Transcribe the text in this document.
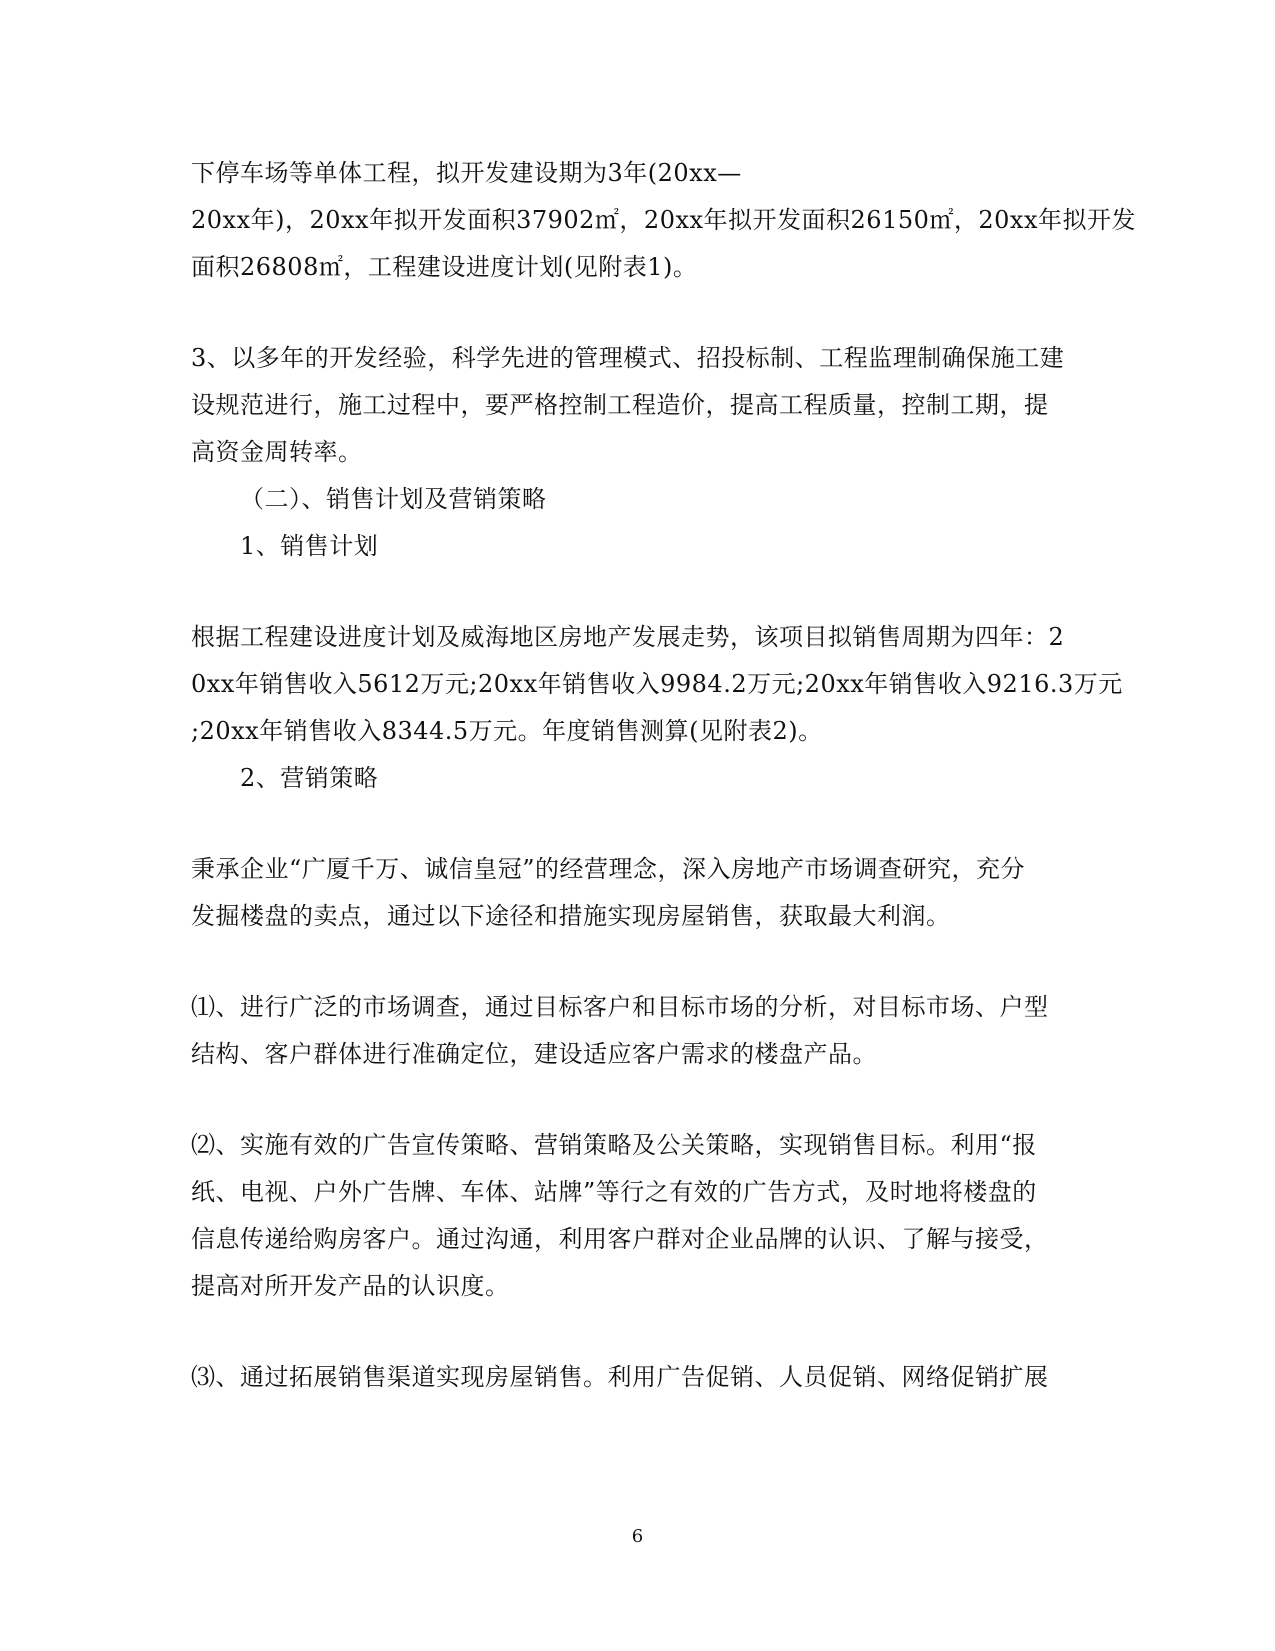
下停车场等单体工程，拟开发建设期为3年(20xx—
20xx年)，20xx年拟开发面积37902㎡，20xx年拟开发面积26150㎡，20xx年拟开发
面积26808㎡，工程建设进度计划(见附表1)。
3、以多年的开发经验，科学先进的管理模式、招投标制、工程监理制确保施工建
设规范进行，施工过程中，要严格控制工程造价，提高工程质量，控制工期，提
高资金周转率。
（二）、销售计划及营销策略
1、销售计划
根据工程建设进度计划及威海地区房地产发展走势，该项目拟销售周期为四年：2
0xx年销售收入5612万元;20xx年销售收入9984.2万元;20xx年销售收入9216.3万元
;20xx年销售收入8344.5万元。年度销售测算(见附表2)。
2、营销策略
秉承企业“广厦千万、诚信皇冠”的经营理念，深入房地产市场调查研究，充分
发掘楼盘的卖点，通过以下途径和措施实现房屋销售，获取最大利润。
⑴、进行广泛的市场调查，通过目标客户和目标市场的分析，对目标市场、户型
结构、客户群体进行准确定位，建设适应客户需求的楼盘产品。
⑵、实施有效的广告宣传策略、营销策略及公关策略，实现销售目标。利用“报
纸、电视、户外广告牌、车体、站牌”等行之有效的广告方式，及时地将楼盘的
信息传递给购房客户。通过沟通，利用客户群对企业品牌的认识、了解与接受，
提高对所开发产品的认识度。
⑶、通过拓展销售渠道实现房屋销售。利用广告促销、人员促销、网络促销扩展
6
